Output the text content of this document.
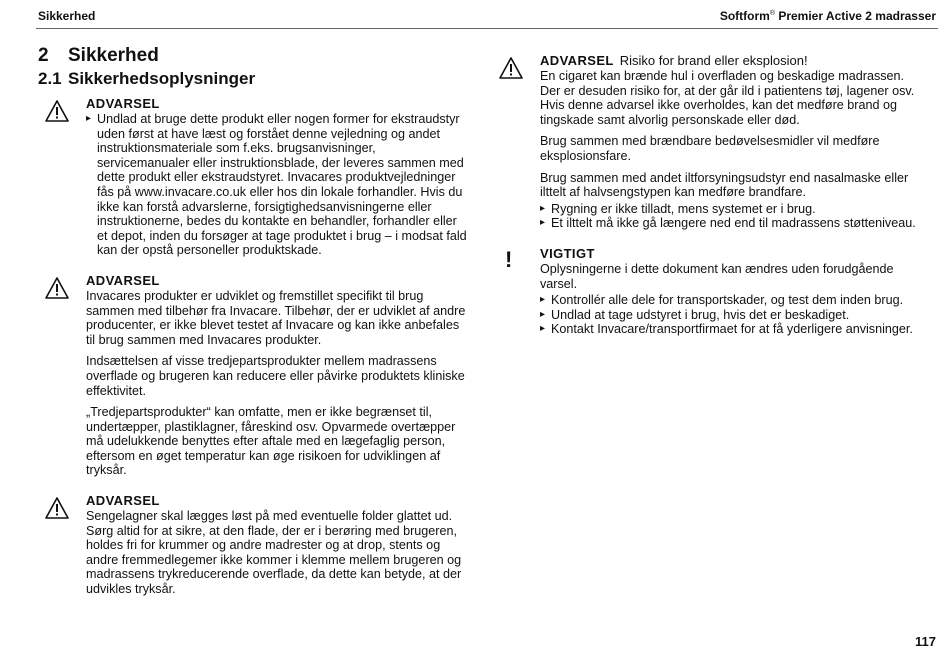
Sikkerhed	Softform® Premier Active 2 madrasser
2 Sikkerhed
2.1 Sikkerhedsoplysninger
ADVARSEL
▸ Undlad at bruge dette produkt eller nogen former for ekstraudstyr uden først at have læst og forstået denne vejledning og andet instruktionsmateriale som f.eks. brugsanvisninger, servicemanualer eller instruktionsblade, der leveres sammen med dette produkt eller ekstraudstyret. Invacares produktvejledninger fås på www.invacare.co.uk eller hos din lokale forhandler. Hvis du ikke kan forstå advarslerne, forsigtighedsanvisningerne eller instruktionerne, bedes du kontakte en behandler, forhandler eller et depot, inden du forsøger at tage produktet i brug – i modsat fald kan der opstå personeller produktskade.
ADVARSEL

Invacares produkter er udviklet og fremstillet specifikt til brug sammen med tilbehør fra Invacare. Tilbehør, der er udviklet af andre producenter, er ikke blevet testet af Invacare og kan ikke anbefales til brug sammen med Invacares produkter.

Indsættelsen af visse tredjepartsprodukter mellem madrassens overflade og brugeren kan reducere eller påvirke produktets kliniske effektivitet.

„Tredjepartsprodukter“ kan omfatte, men er ikke begrænset til, undertæpper, plastiklagner, fåreskind osv. Opvarmede overtæpper må udelukkende benyttes efter aftale med en lægefaglig person, eftersom en øget temperatur kan øge risikoen for udviklingen af tryksår.

ADVARSEL

Sengelagner skal lægges løst på med eventuelle folder glattet ud. Sørg altid for at sikre, at den flade, der er i berøring med brugeren, holdes fri for krummer og andre madrester og at drop, stents og andre fremmedlegemer ikke kommer i klemme mellem brugeren og madrassens trykreducerende overflade, da dette kan betyde, at der udvikles tryksår.

ADVARSEL Risiko for brand eller eksplosion!

En cigaret kan brænde hul i overfladen og beskadige madrassen. Der er desuden risiko for, at der går ild i patientens tøj, lagener osv. Hvis denne advarsel ikke overholdes, kan det medføre brand og tingskade samt alvorlig personskade eller død.

Brug sammen med brændbare bedøvelsesmidler vil medføre eksplosionsfare.

Brug sammen med andet iltforsyningsudstyr end nasalmaske eller ilttelt af halvsengstypen kan medføre brandfare.

▸ Rygning er ikke tilladt, mens systemet er i brug.
▸ Et ilttelt må ikke gå længere ned end til madrassens støtteniveau.
! VIGTIGT

Oplysningerne i dette dokument kan ændres uden forudgående varsel.

▸ Kontrollér alle dele for transportskader, og test dem inden brug.
▸ Undlad at tage udstyret i brug, hvis det er beskadiget.
▸ Kontakt Invacare/transportfirmaet for at få yderligere anvisninger.
117
